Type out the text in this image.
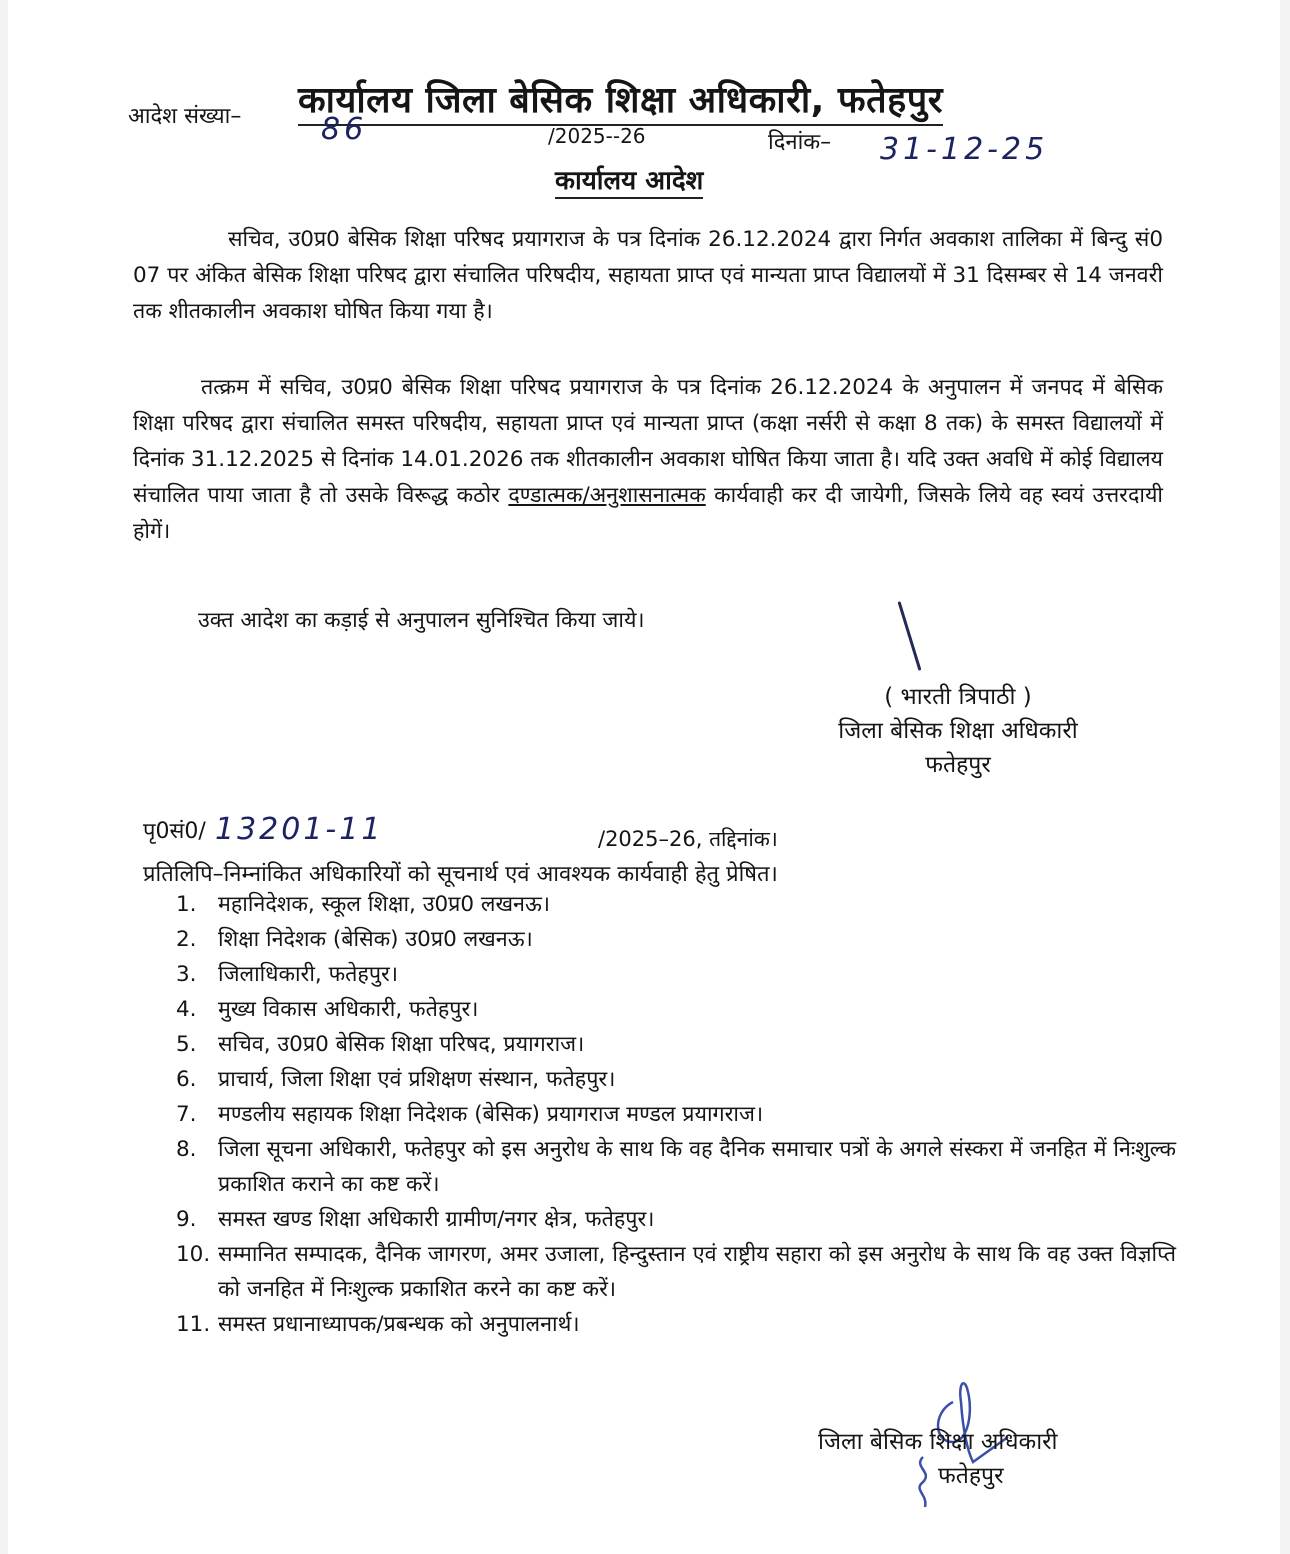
कार्यालय जिला बेसिक शिक्षा अधिकारी, फतेहपुर
आदेश संख्या–	86	/2025--26	दिनांक– 31-12-25
कार्यालय आदेश
सचिव, उ0प्र0 बेसिक शिक्षा परिषद प्रयागराज के पत्र दिनांक 26.12.2024 द्वारा निर्गत अवकाश तालिका में बिन्दु सं0 07 पर अंकित बेसिक शिक्षा परिषद द्वारा संचालित परिषदीय, सहायता प्राप्त एवं मान्यता प्राप्त विद्यालयों में 31 दिसम्बर से 14 जनवरी तक शीतकालीन अवकाश घोषित किया गया है।
तत्क्रम में सचिव, उ0प्र0 बेसिक शिक्षा परिषद प्रयागराज के पत्र दिनांक 26.12.2024 के अनुपालन में जनपद में बेसिक शिक्षा परिषद द्वारा संचालित समस्त परिषदीय, सहायता प्राप्त एवं मान्यता प्राप्त (कक्षा नर्सरी से कक्षा 8 तक) के समस्त विद्यालयों में दिनांक 31.12.2025 से दिनांक 14.01.2026 तक शीतकालीन अवकाश घोषित किया जाता है। यदि उक्त अवधि में कोई विद्यालय संचालित पाया जाता है तो उसके विरूद्ध कठोर दण्डात्मक/अनुशासनात्मक कार्यवाही कर दी जायेगी, जिसके लिये वह स्वयं उत्तरदायी होगें।
उक्त आदेश का कड़ाई से अनुपालन सुनिश्चित किया जाये।
( भारती त्रिपाठी )
जिला बेसिक शिक्षा अधिकारी
फतेहपुर
पृ0सं0/ 13201-11	/2025–26, तद्दिनांक।
प्रतिलिपि–निम्नांकित अधिकारियों को सूचनार्थ एवं आवश्यक कार्यवाही हेतु प्रेषित।
1. महानिदेशक, स्कूल शिक्षा, उ0प्र0 लखनऊ।
2. शिक्षा निदेशक (बेसिक) उ0प्र0 लखनऊ।
3. जिलाधिकारी, फतेहपुर।
4. मुख्य विकास अधिकारी, फतेहपुर।
5. सचिव, उ0प्र0 बेसिक शिक्षा परिषद, प्रयागराज।
6. प्राचार्य, जिला शिक्षा एवं प्रशिक्षण संस्थान, फतेहपुर।
7. मण्डलीय सहायक शिक्षा निदेशक (बेसिक) प्रयागराज मण्डल प्रयागराज।
8. जिला सूचना अधिकारी, फतेहपुर को इस अनुरोध के साथ कि वह दैनिक समाचार पत्रों के अगले संस्करा में जनहित में निःशुल्क प्रकाशित कराने का कष्ट करें।
9. समस्त खण्ड शिक्षा अधिकारी ग्रामीण/नगर क्षेत्र, फतेहपुर।
10. सम्मानित सम्पादक, दैनिक जागरण, अमर उजाला, हिन्दुस्तान एवं राष्ट्रीय सहारा को इस अनुरोध के साथ कि वह उक्त विज्ञप्ति को जनहित में निःशुल्क प्रकाशित करने का कष्ट करें।
11. समस्त प्रधानाध्यापक/प्रबन्धक को अनुपालनार्थ।
जिला बेसिक शिक्षा अधिकारी
फतेहपुर
